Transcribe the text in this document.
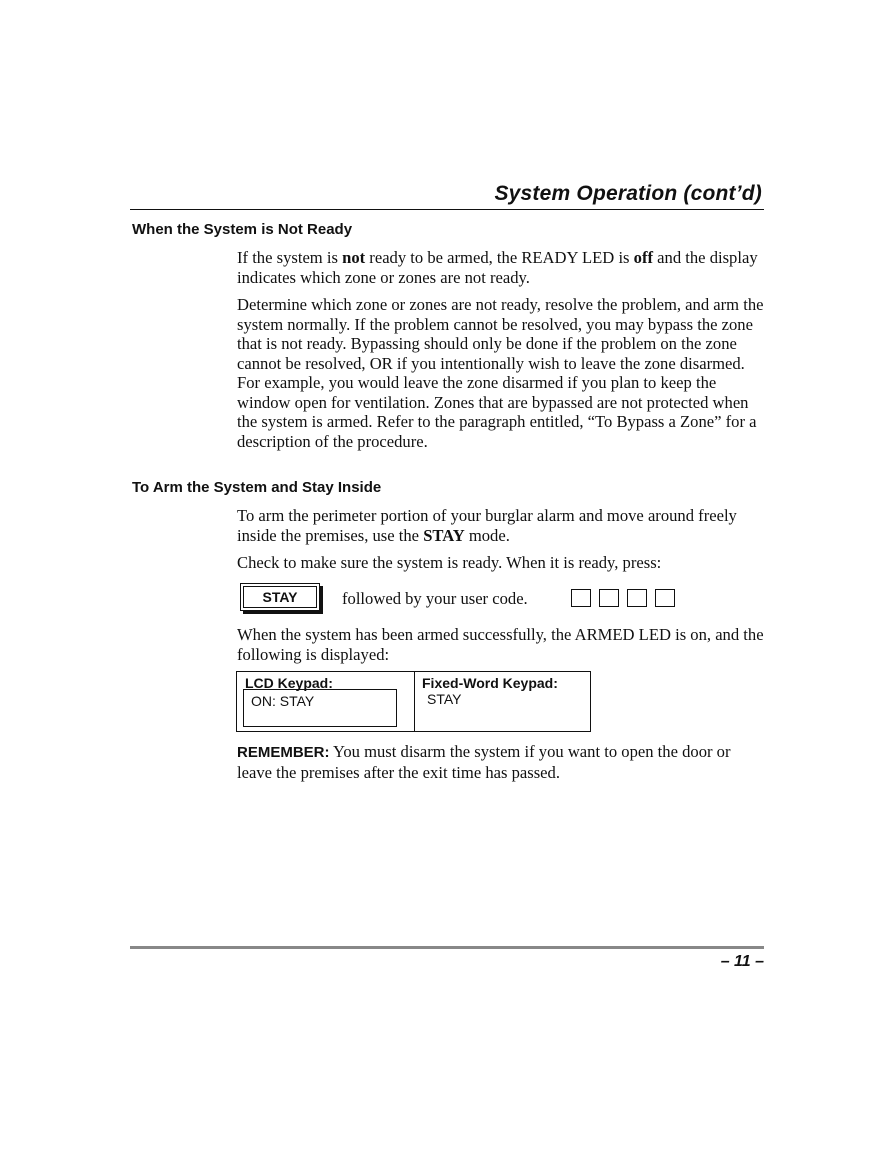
System Operation (cont’d)
When the System is Not Ready
If the system is not ready to be armed, the READY LED is off and the display indicates which zone or zones are not ready.
Determine which zone or zones are not ready, resolve the problem, and arm the system normally. If the problem cannot be resolved, you may bypass the zone that is not ready. Bypassing should only be done if the problem on the zone cannot be resolved, OR if you intentionally wish to leave the zone disarmed. For example, you would leave the zone disarmed if you plan to keep the window open for ventilation. Zones that are bypassed are not protected when the system is armed. Refer to the paragraph entitled, “To Bypass a Zone” for a description of the procedure.
To Arm the System and Stay Inside
To arm the perimeter portion of your burglar alarm and move around freely inside the premises, use the STAY mode.
Check to make sure the system is ready. When it is ready, press:
STAY	followed by your user code.
When the system has been armed successfully, the ARMED LED is on, and the following is displayed:
LCD Keypad:
ON: STAY
Fixed-Word Keypad:
STAY
REMEMBER: You must disarm the system if you want to open the door or leave the premises after the exit time has passed.
– 11 –
